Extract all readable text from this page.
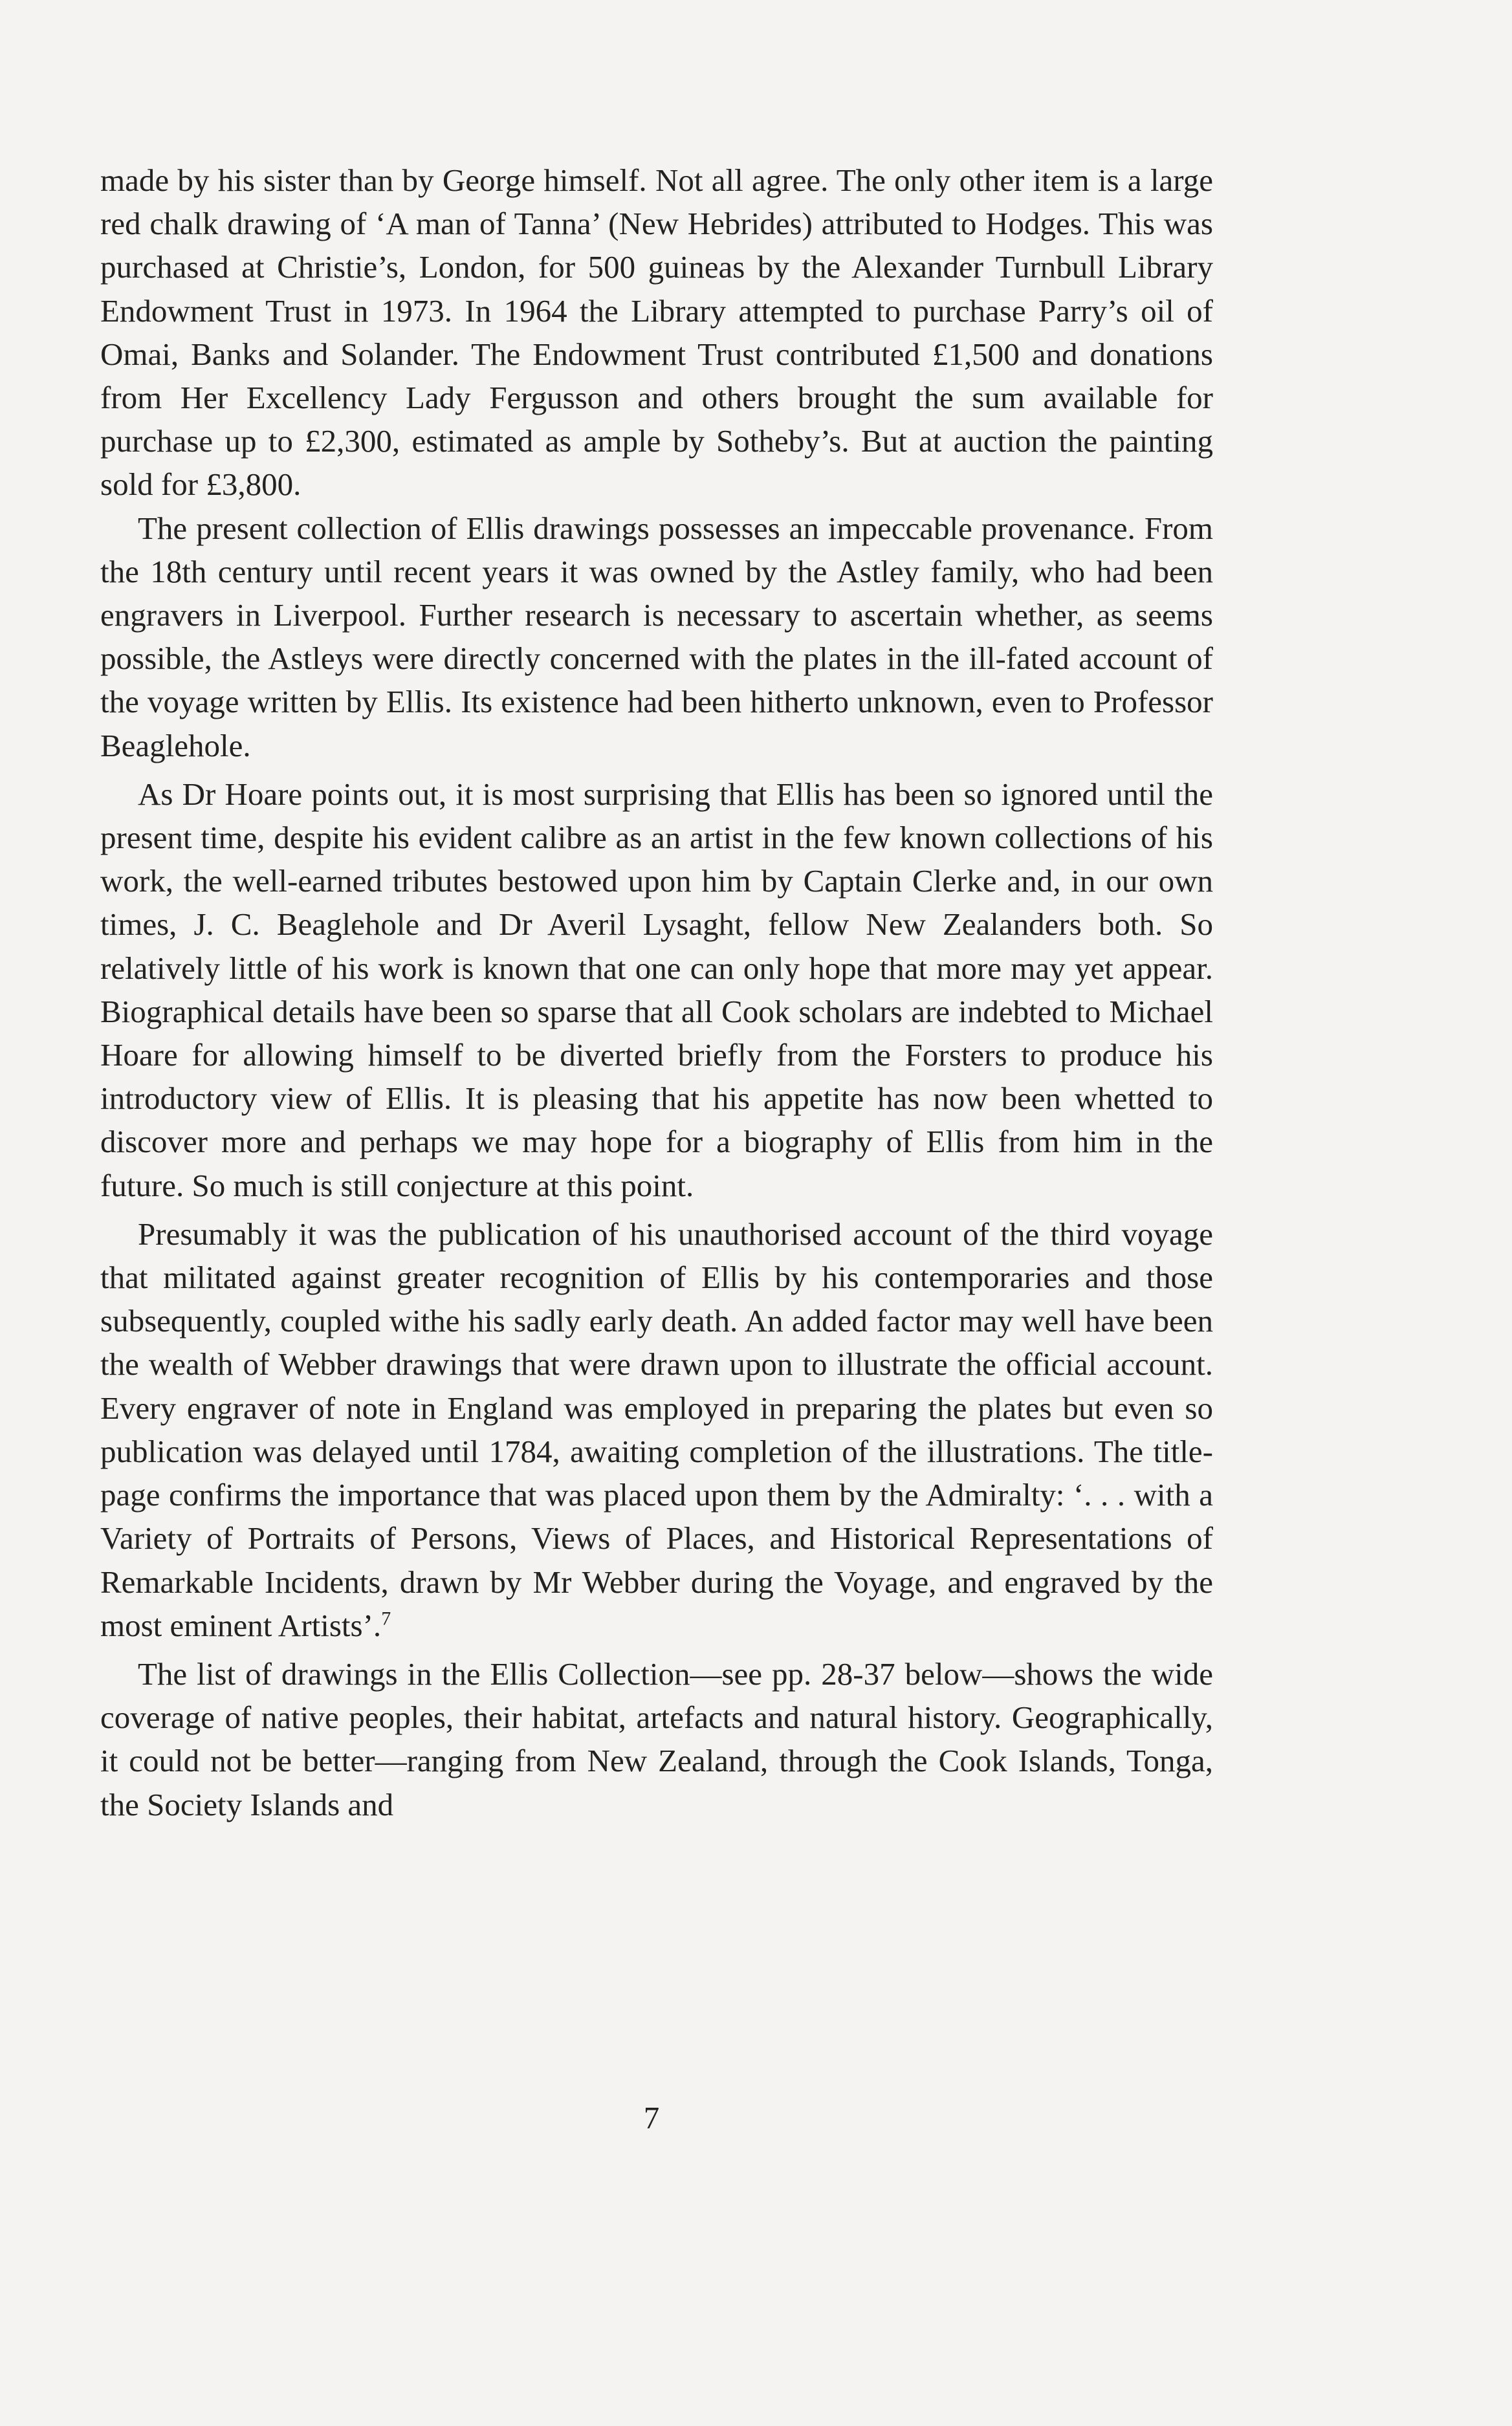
made by his sister than by George himself. Not all agree. The only other item is a large red chalk drawing of ‘A man of Tanna’ (New Hebrides) attributed to Hodges. This was purchased at Christie’s, London, for 500 guineas by the Alexander Turnbull Library Endowment Trust in 1973. In 1964 the Library attempted to purchase Parry’s oil of Omai, Banks and Solander. The Endowment Trust contributed £1,500 and donations from Her Excellency Lady Fergusson and others brought the sum available for purchase up to £2,300, estimated as ample by Sotheby’s. But at auction the painting sold for £3,800.

The present collection of Ellis drawings possesses an impeccable provenance. From the 18th century until recent years it was owned by the Astley family, who had been engravers in Liverpool. Further research is necessary to ascertain whether, as seems possible, the Astleys were directly concerned with the plates in the ill-fated account of the voyage written by Ellis. Its existence had been hitherto unknown, even to Professor Beaglehole.

As Dr Hoare points out, it is most surprising that Ellis has been so ignored until the present time, despite his evident calibre as an artist in the few known collections of his work, the well-earned tributes bestowed upon him by Captain Clerke and, in our own times, J. C. Beaglehole and Dr Averil Lysaght, fellow New Zealanders both. So relatively little of his work is known that one can only hope that more may yet appear. Biographical details have been so sparse that all Cook scholars are indebted to Michael Hoare for allowing himself to be diverted briefly from the Forsters to produce his introductory view of Ellis. It is pleasing that his appetite has now been whetted to discover more and perhaps we may hope for a biography of Ellis from him in the future. So much is still conjecture at this point.

Presumably it was the publication of his unauthorised account of the third voyage that militated against greater recognition of Ellis by his contemporaries and those subsequently, coupled withe his sadly early death. An added factor may well have been the wealth of Webber drawings that were drawn upon to illustrate the official account. Every engraver of note in England was employed in preparing the plates but even so publication was delayed until 1784, awaiting completion of the illustrations. The title-page confirms the importance that was placed upon them by the Admiralty: ‘. . . with a Variety of Portraits of Persons, Views of Places, and Historical Representations of Remarkable Incidents, drawn by Mr Webber during the Voyage, and engraved by the most eminent Artists’.$^7$

The list of drawings in the Ellis Collection—see pp. 28-37 below—shows the wide coverage of native peoples, their habitat, artefacts and natural history. Geographically, it could not be better—ranging from New Zealand, through the Cook Islands, Tonga, the Society Islands and

7
